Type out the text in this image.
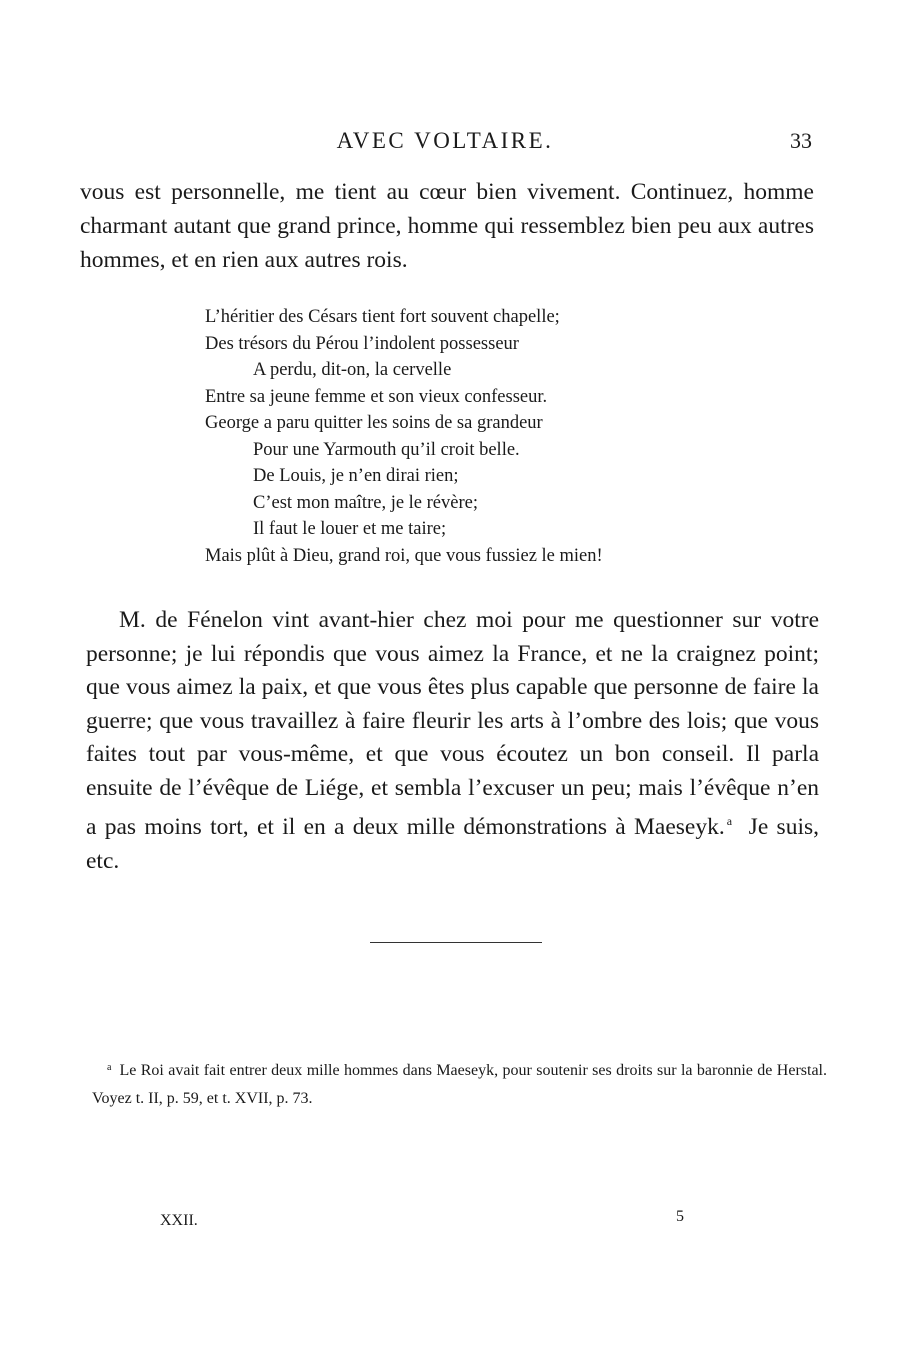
AVEC VOLTAIRE.	33

vous est personnelle, me tient au cœur bien vivement. Continuez, homme charmant autant que grand prince, homme qui ressemblez bien peu aux autres hommes, et en rien aux autres rois.

L’héritier des Césars tient fort souvent chapelle;
Des trésors du Pérou l’indolent possesseur
A perdu, dit-on, la cervelle
Entre sa jeune femme et son vieux confesseur.
George a paru quitter les soins de sa grandeur
Pour une Yarmouth qu’il croit belle.
De Louis, je n’en dirai rien;
C’est mon maître, je le révère;
Il faut le louer et me taire;
Mais plût à Dieu, grand roi, que vous fussiez le mien!

M. de Fénelon vint avant-hier chez moi pour me questionner sur votre personne; je lui répondis que vous aimez la France, et ne la craignez point; que vous aimez la paix, et que vous êtes plus capable que personne de faire la guerre; que vous travaillez à faire fleurir les arts à l’ombre des lois; que vous faites tout par vous-même, et que vous écoutez un bon conseil. Il parla ensuite de l’évêque de Liége, et sembla l’excuser un peu; mais l’évêque n’en a pas moins tort, et il en a deux mille démonstrations à Maeseyk. $^a$ Je suis, etc.

$^a$ Le Roi avait fait entrer deux mille hommes dans Maeseyk, pour soutenir ses droits sur la baronnie de Herstal. Voyez t. II, p. 59, et t. XVII, p. 73.

XXII.	5
